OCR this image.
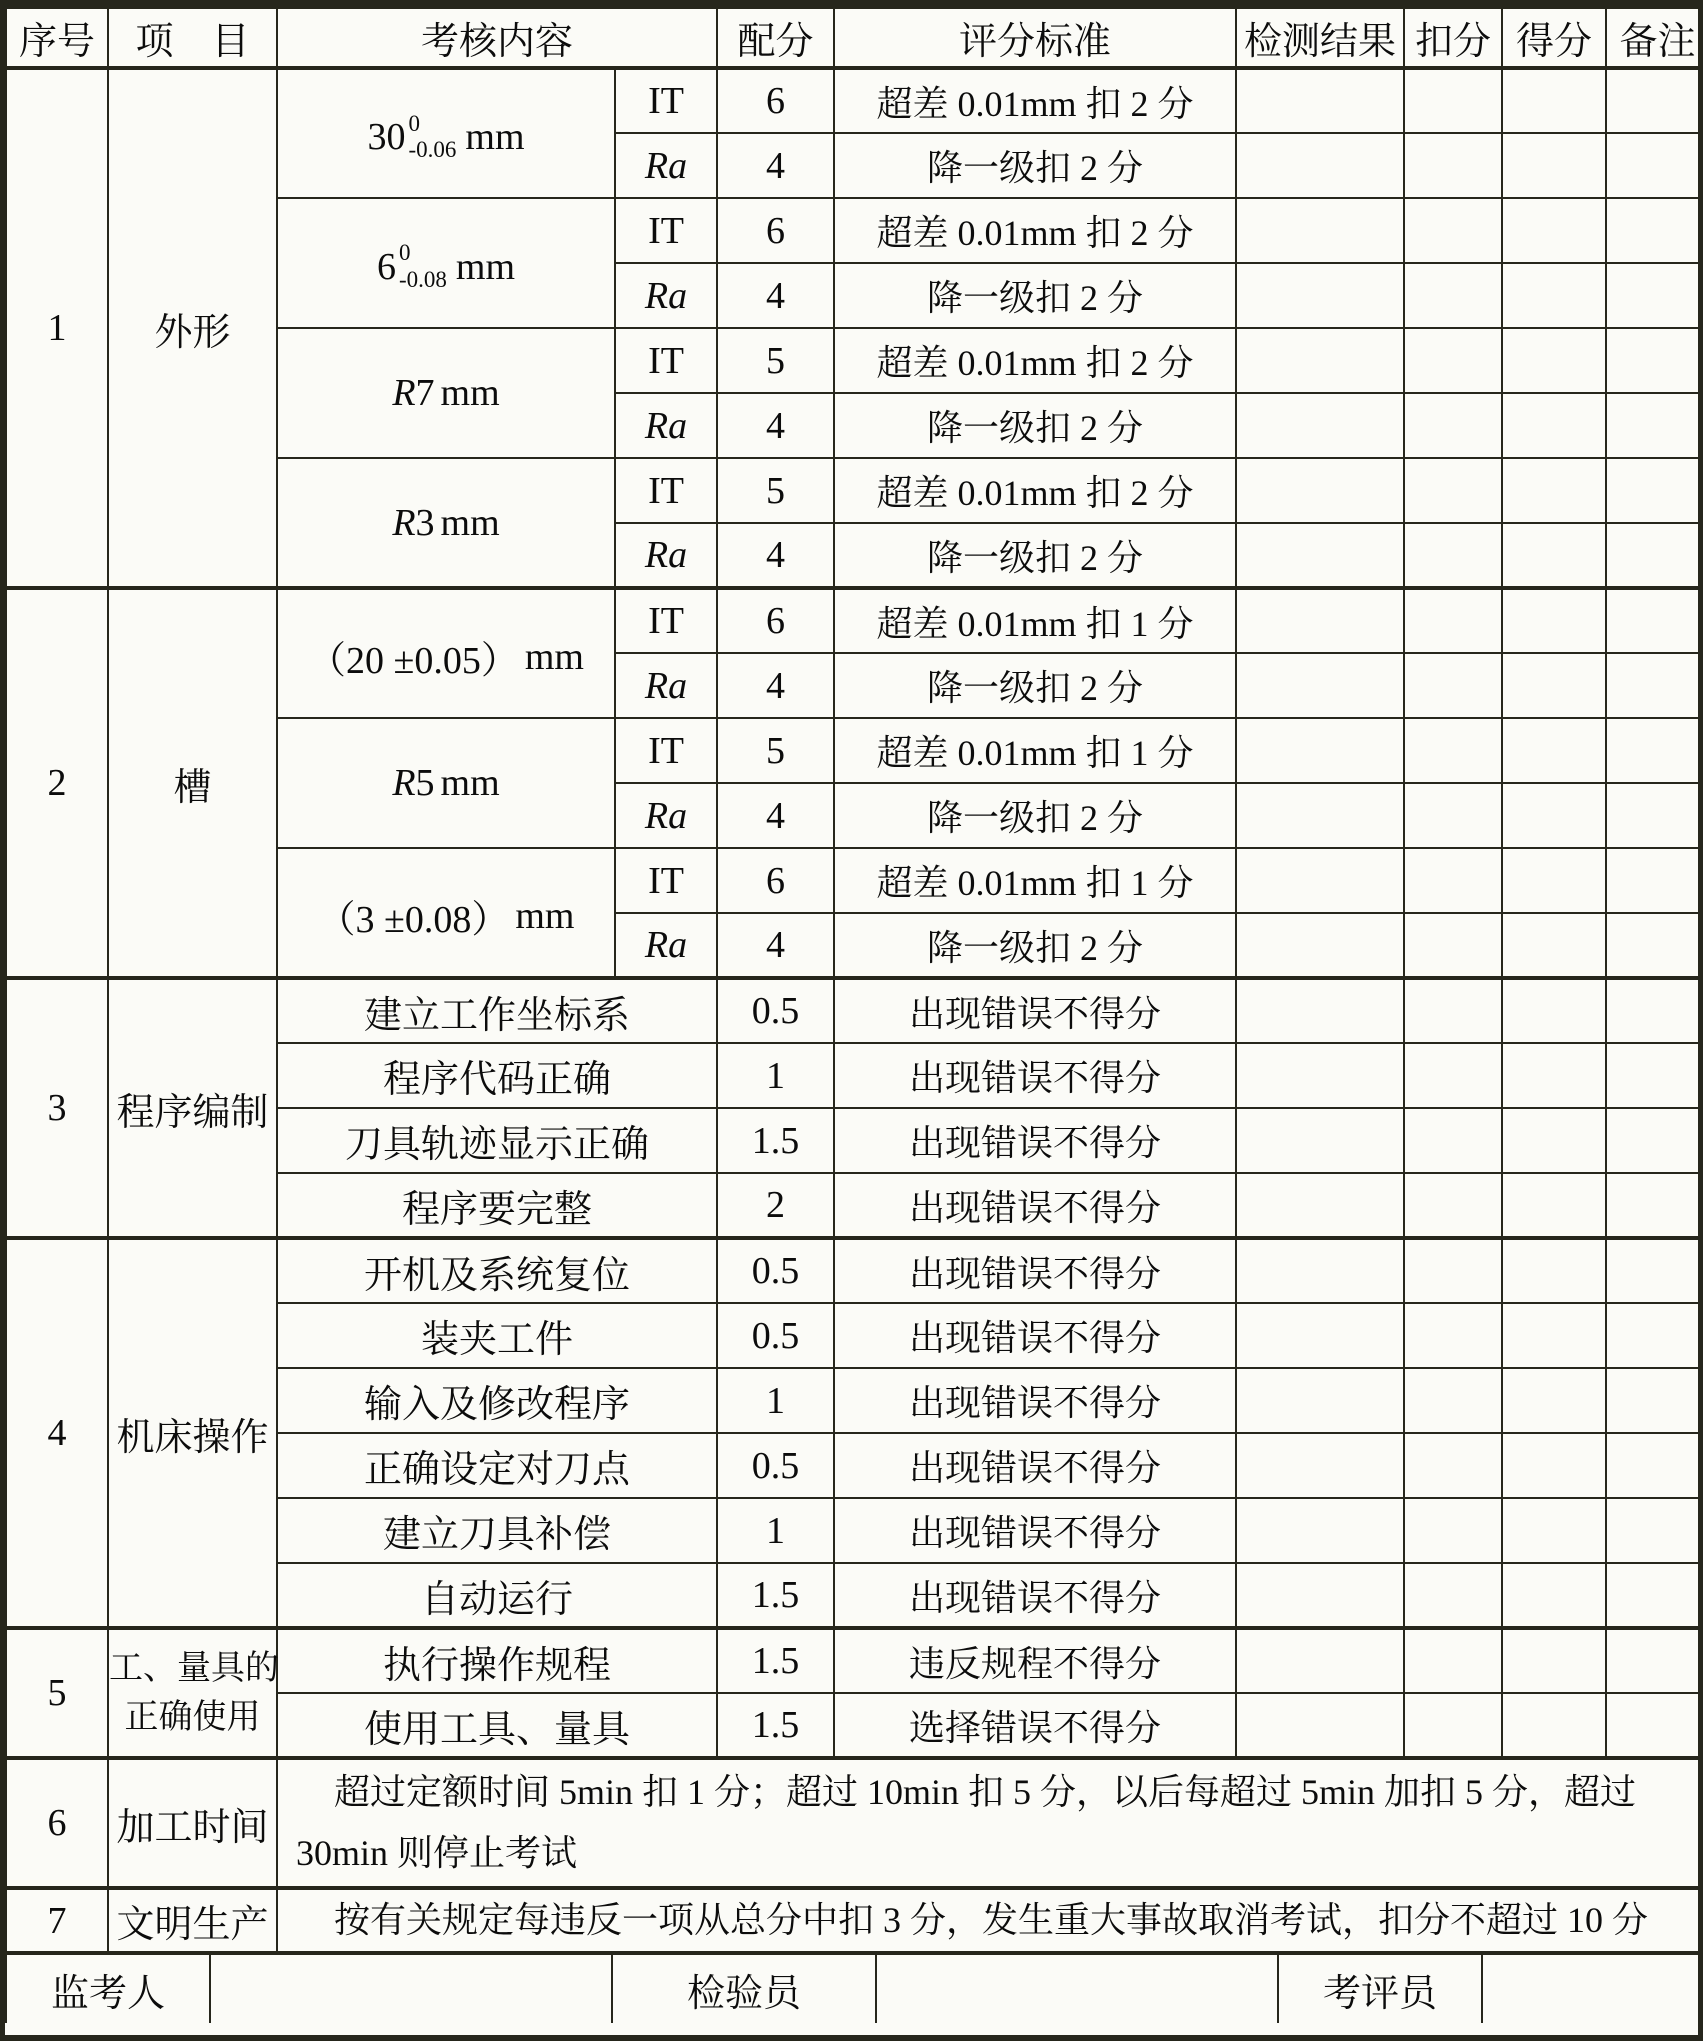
序号	项　目	考核内容		配分	评分标准	检测结果	扣分	得分	备注
1	外形	30 0
-0.06 mm	IT	6	超差 0.01mm 扣 2 分				
			Ra	4	降一级扣 2 分				

		6 0
-0.08 mm	IT	6	超差 0.01mm 扣 2 分				
			Ra	4	降一级扣 2 分				

		R 7 mm	IT	5	超差 0.01mm 扣 2 分				
			Ra	4	降一级扣 2 分				

		R 3 mm	IT	5	超差 0.01mm 扣 2 分				
			Ra	4	降一级扣 2 分				
2	槽	（20 ±0.05） mm	IT	6	超差 0.01mm 扣 1 分				
			Ra	4	降一级扣 2 分				

		R 5 mm	IT	5	超差 0.01mm 扣 1 分				
			Ra	4	降一级扣 2 分				

		（3 ±0.08） mm	IT	6	超差 0.01mm 扣 1 分				
			Ra	4	降一级扣 2 分				
3	程序编制	建立工作坐标系		0.5	出现错误不得分				
		程序代码正确		1	出现错误不得分				
		刀具轨迹显示正确		1.5	出现错误不得分				
		程序要完整		2	出现错误不得分				
4	机床操作	开机及系统复位		0.5	出现错误不得分				
		装夹工件		0.5	出现错误不得分				
		输入及修改程序		1	出现错误不得分				
		正确设定对刀点		0.5	出现错误不得分				
		建立刀具补偿		1	出现错误不得分				
		自动运行		1.5	出现错误不得分				
5	工、量具的
正确使用	执行操作规程		1.5	违反规程不得分				
		使用工具、量具		1.5	选择错误不得分				
6	加工时间	超过定额时间 5min 扣 1 分；超过 10min 扣 5 分，以后每超过 5min 加扣 5 分，超过 30min 则停止考试							
7	文明生产	按有关规定每违反一项从总分中扣 3 分，发生重大事故取消考试，扣分不超过 10 分							
监考人		检验员		考评员	
